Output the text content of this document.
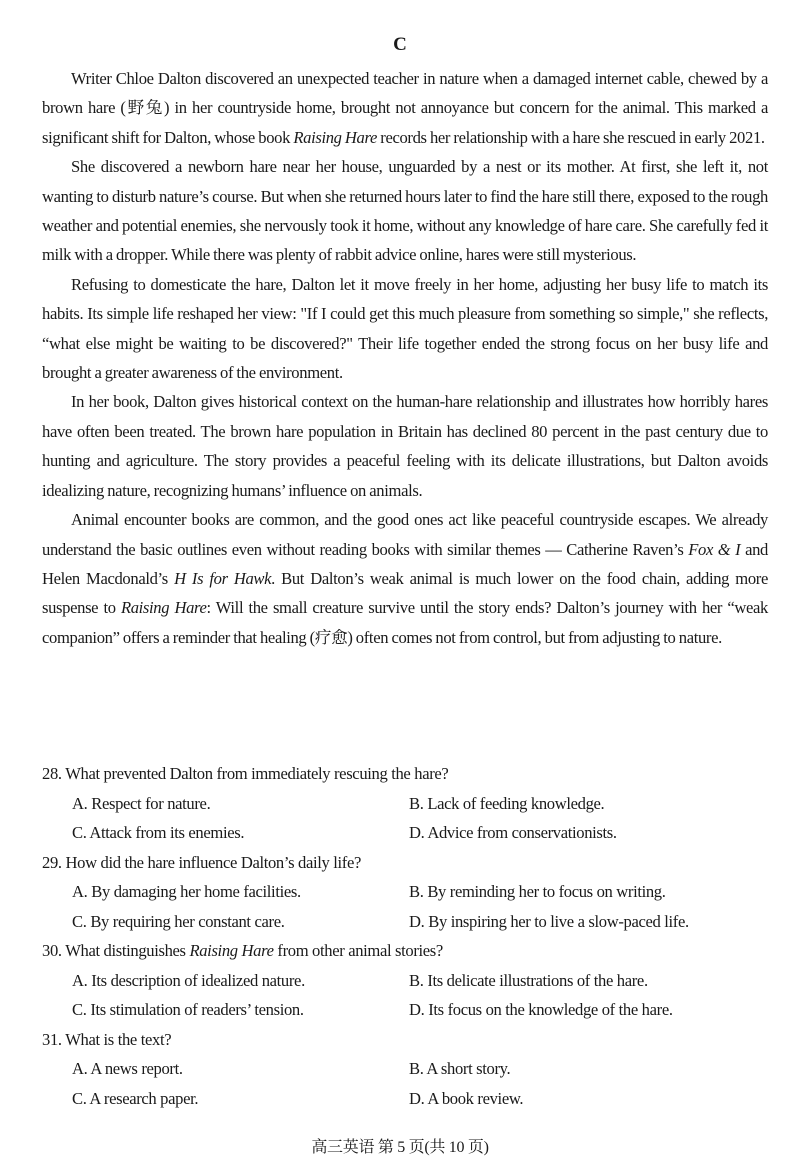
C

Writer Chloe Dalton discovered an unexpected teacher in nature when a damaged internet cable, chewed by a brown hare (野兔) in her countryside home, brought not annoyance but concern for the animal. This marked a significant shift for Dalton, whose book Raising Hare records her relationship with a hare she rescued in early 2021.

She discovered a newborn hare near her house, unguarded by a nest or its mother. At first, she left it, not wanting to disturb nature’s course. But when she returned hours later to find the hare still there, exposed to the rough weather and potential enemies, she nervously took it home, without any knowledge of hare care. She carefully fed it milk with a dropper. While there was plenty of rabbit advice online, hares were still mysterious.

Refusing to domesticate the hare, Dalton let it move freely in her home, adjusting her busy life to match its habits. Its simple life reshaped her view: "If I could get this much pleasure from something so simple," she reflects, “what else might be waiting to be discovered?" Their life together ended the strong focus on her busy life and brought a greater awareness of the environment.

In her book, Dalton gives historical context on the human-hare relationship and illustrates how horribly hares have often been treated. The brown hare population in Britain has declined 80 percent in the past century due to hunting and agriculture. The story provides a peaceful feeling with its delicate illustrations, but Dalton avoids idealizing nature, recognizing humans’ influence on animals.

Animal encounter books are common, and the good ones act like peaceful countryside escapes. We already understand the basic outlines even without reading books with similar themes — Catherine Raven’s Fox & I and Helen Macdonald’s H Is for Hawk. But Dalton’s weak animal is much lower on the food chain, adding more suspense to Raising Hare: Will the small creature survive until the story ends? Dalton’s journey with her “weak companion” offers a reminder that healing (疗愈) often comes not from control, but from adjusting to nature.

28. What prevented Dalton from immediately rescuing the hare?
A. Respect for nature.	B. Lack of feeding knowledge.
C. Attack from its enemies.	D. Advice from conservationists.
29. How did the hare influence Dalton’s daily life?
A. By damaging her home facilities.	B. By reminding her to focus on writing.
C. By requiring her constant care.	D. By inspiring her to live a slow-paced life.
30. What distinguishes Raising Hare from other animal stories?
A. Its description of idealized nature.	B. Its delicate illustrations of the hare.
C. Its stimulation of readers’ tension.	D. Its focus on the knowledge of the hare.
31. What is the text?
A. A news report.	B. A short story.
C. A research paper.	D. A book review.
高三英语 第 5 页(共 10 页)
